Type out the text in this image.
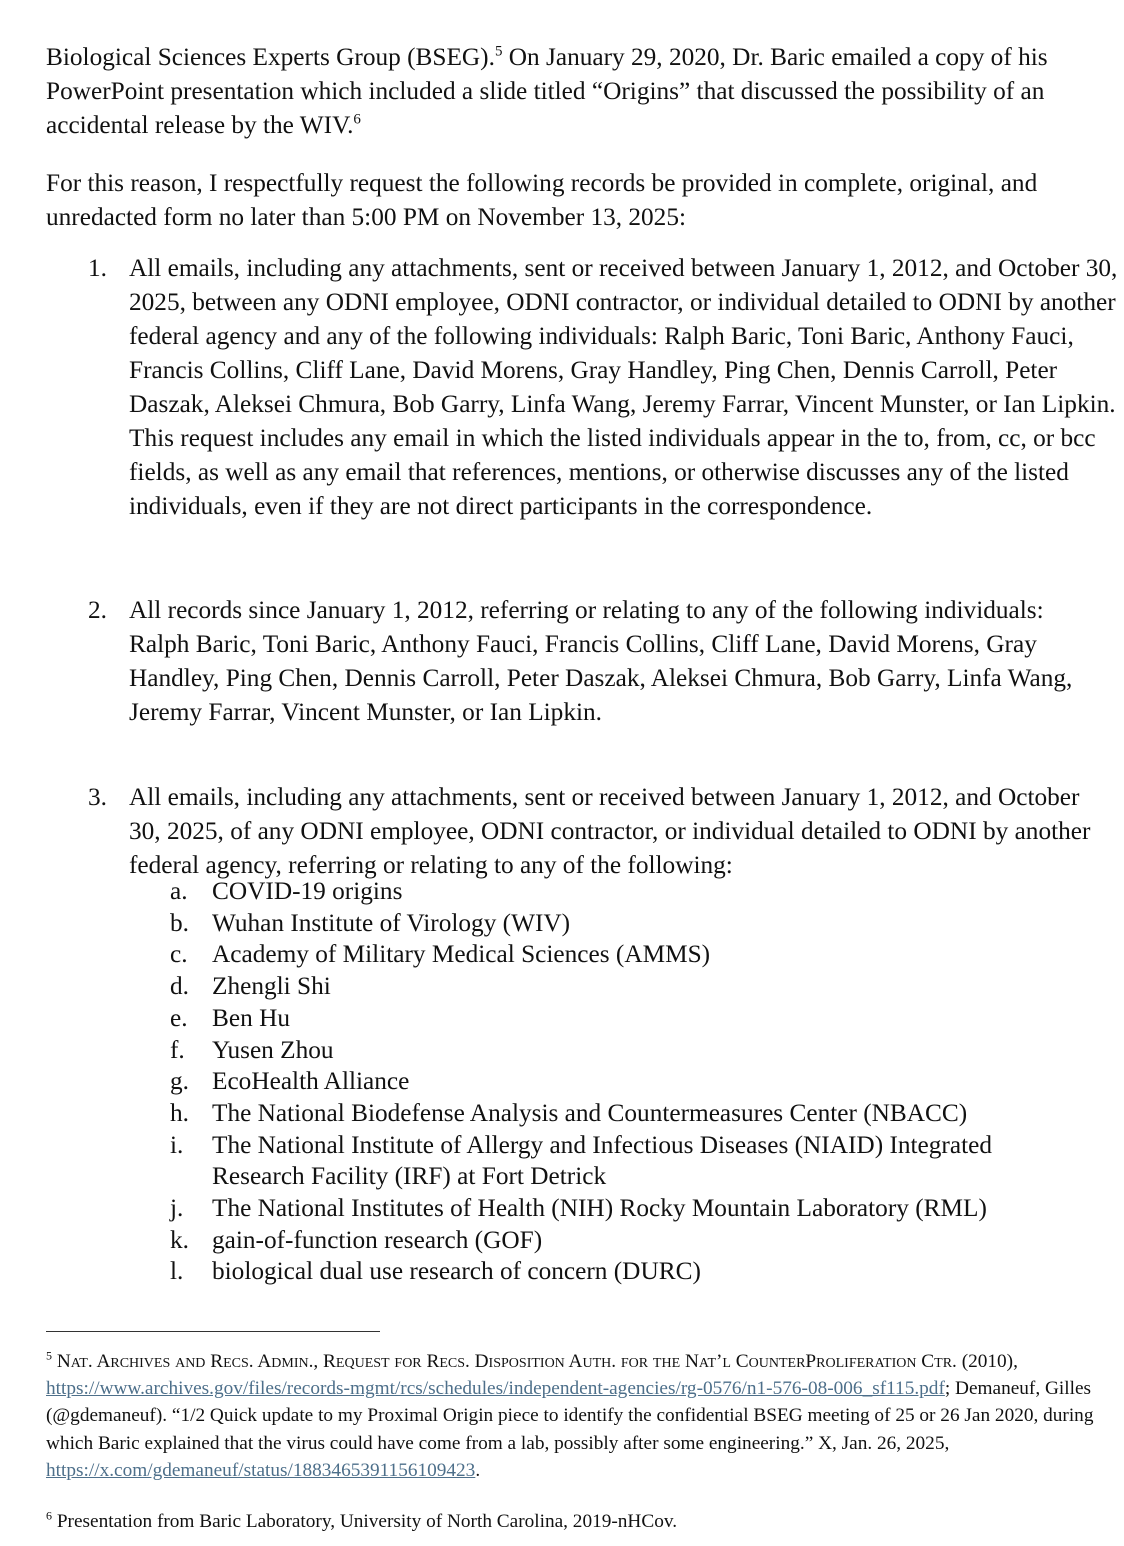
Biological Sciences Experts Group (BSEG).$^5$ On January 29, 2020, Dr. Baric emailed a copy of his PowerPoint presentation which included a slide titled “Origins” that discussed the possibility of an accidental release by the WIV.$^6$
For this reason, I respectfully request the following records be provided in complete, original, and unredacted form no later than 5:00 PM on November 13, 2025:
1. All emails, including any attachments, sent or received between January 1, 2012, and October 30, 2025, between any ODNI employee, ODNI contractor, or individual detailed to ODNI by another federal agency and any of the following individuals: Ralph Baric, Toni Baric, Anthony Fauci, Francis Collins, Cliff Lane, David Morens, Gray Handley, Ping Chen, Dennis Carroll, Peter Daszak, Aleksei Chmura, Bob Garry, Linfa Wang, Jeremy Farrar, Vincent Munster, or Ian Lipkin. This request includes any email in which the listed individuals appear in the to, from, cc, or bcc fields, as well as any email that references, mentions, or otherwise discusses any of the listed individuals, even if they are not direct participants in the correspondence.
2. All records since January 1, 2012, referring or relating to any of the following individuals: Ralph Baric, Toni Baric, Anthony Fauci, Francis Collins, Cliff Lane, David Morens, Gray Handley, Ping Chen, Dennis Carroll, Peter Daszak, Aleksei Chmura, Bob Garry, Linfa Wang, Jeremy Farrar, Vincent Munster, or Ian Lipkin.
3. All emails, including any attachments, sent or received between January 1, 2012, and October 30, 2025, of any ODNI employee, ODNI contractor, or individual detailed to ODNI by another federal agency, referring or relating to any of the following:
a. COVID-19 origins
b. Wuhan Institute of Virology (WIV)
c. Academy of Military Medical Sciences (AMMS)
d. Zhengli Shi
e. Ben Hu
f. Yusen Zhou
g. EcoHealth Alliance
h. The National Biodefense Analysis and Countermeasures Center (NBACC)
i. The National Institute of Allergy and Infectious Diseases (NIAID) Integrated Research Facility (IRF) at Fort Detrick
j. The National Institutes of Health (NIH) Rocky Mountain Laboratory (RML)
k. gain-of-function research (GOF)
l. biological dual use research of concern (DURC)
$^5$ Nat. Archives and Recs. Admin., Request for Recs. Disposition Auth. for the Nat’l CounterProliferation Ctr. (2010), https://www.archives.gov/files/records-mgmt/rcs/schedules/independent-agencies/rg-0576/n1-576-08-006_sf115.pdf; Demaneuf, Gilles (@gdemaneuf). “1/2 Quick update to my Proximal Origin piece to identify the confidential BSEG meeting of 25 or 26 Jan 2020, during which Baric explained that the virus could have come from a lab, possibly after some engineering.” X, Jan. 26, 2025, https://x.com/gdemaneuf/status/1883465391156109423.
$^6$ Presentation from Baric Laboratory, University of North Carolina, 2019-nHCov.
